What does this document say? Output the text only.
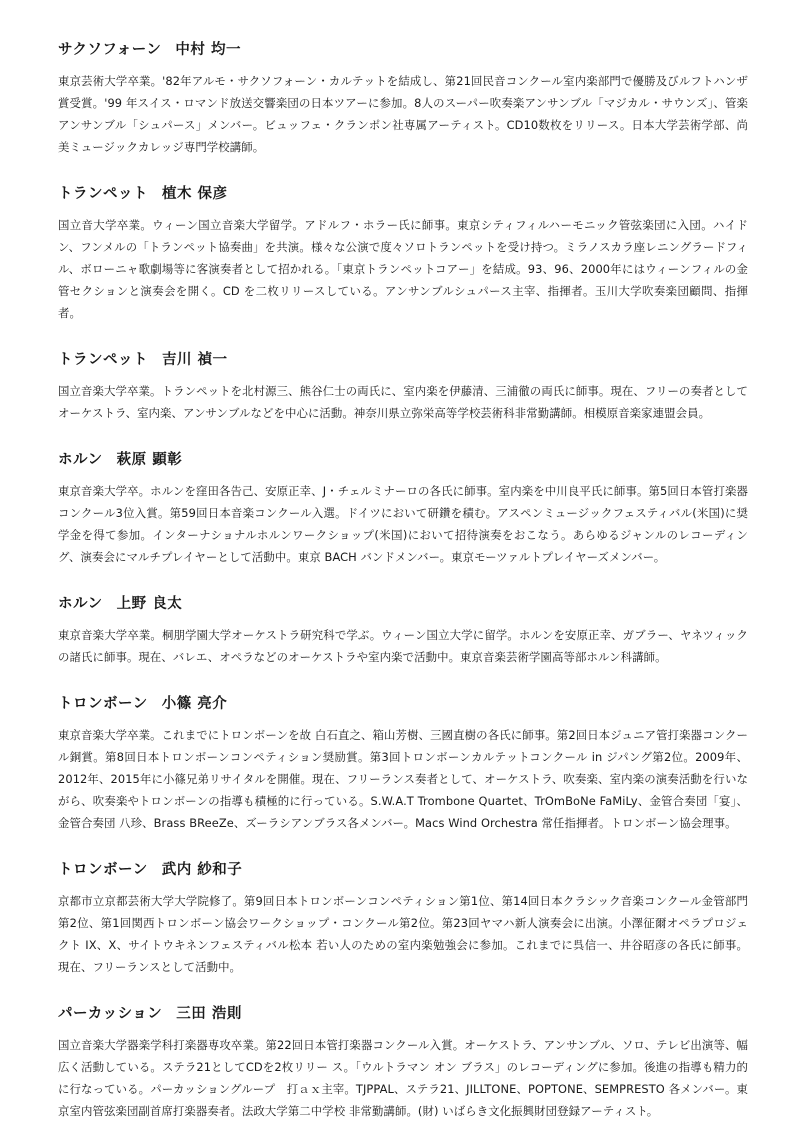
サクソフォーン 中村 均一

東京芸術大学卒業。'82年アルモ・サクソフォーン・カルテットを結成し、第21回民音コンクール室内楽部門で優勝及びルフトハンザ賞受賞。'99 年スイス・ロマンド放送交響楽団の日本ツアーに参加。8人のスーパー吹奏楽アンサンブル「マジカル・サウンズ」、管楽アンサンブル「シュパース」メンバー。ビュッフェ・クランポン社専属アーティスト。CD10数枚をリリース。日本大学芸術学部、尚美ミュージックカレッジ専門学校講師。

トランペット 植木 保彦

国立音大学卒業。ウィーン国立音楽大学留学。アドルフ・ホラー氏に師事。東京シティフィルハーモニック管弦楽団に入団。ハイドン、フンメルの「トランペット協奏曲」を共演。様々な公演で度々ソロトランペットを受け持つ。ミラノスカラ座レニングラードフィル、ボローニャ歌劇場等に客演奏者として招かれる。「東京トランペットコアー」を結成。93、96、2000年にはウィーンフィルの金管セクションと演奏会を開く。CD を二枚リリースしている。アンサンブルシュパース主宰、指揮者。玉川大学吹奏楽団顧問、指揮者。

トランペット 吉川 禎一

国立音楽大学卒業。トランペットを北村源三、熊谷仁士の両氏に、室内楽を伊藤清、三浦徹の両氏に師事。現在、フリーの奏者としてオーケストラ、室内楽、アンサンブルなどを中心に活動。神奈川県立弥栄高等学校芸術科非常勤講師。相模原音楽家連盟会員。

ホルン 萩原 顕彰

東京音楽大学卒。ホルンを窪田各告己、安原正幸、J・チェルミナーロの各氏に師事。室内楽を中川良平氏に師事。第5回日本管打楽器コンクール3位入賞。第59回日本音楽コンクール入選。ドイツにおいて研鑽を積む。アスペンミュージックフェスティバル(米国)に奨学金を得て参加。インターナショナルホルンワークショップ(米国)において招待演奏をおこなう。あらゆるジャンルのレコーディング、演奏会にマルチプレイヤーとして活動中。東京 BACH バンドメンバー。東京モーツァルトプレイヤーズメンバー。

ホルン 上野 良太

東京音楽大学卒業。桐朋学園大学オーケストラ研究科で学ぶ。ウィーン国立大学に留学。ホルンを安原正幸、ガブラー、ヤネツィックの諸氏に師事。現在、バレエ、オペラなどのオーケストラや室内楽で活動中。東京音楽芸術学園高等部ホルン科講師。

トロンボーン 小篠 亮介

東京音楽大学卒業。これまでにトロンボーンを故 白石直之、箱山芳樹、三國直樹の各氏に師事。第2回日本ジュニア管打楽器コンクール銅賞。第8回日本トロンボーンコンペティション奨励賞。第3回トロンボーンカルテットコンクール in ジパング第2位。2009年、2012年、2015年に小篠兄弟リサイタルを開催。現在、フリーランス奏者として、オーケストラ、吹奏楽、室内楽の演奏活動を行いながら、吹奏楽やトロンボーンの指導も積極的に行っている。S.W.A.T Trombone Quartet、TrOmBoNe FaMiLy、金管合奏団「宴」、金管合奏団 八珍、Brass BReeZe、ズーラシアンブラス各メンバー。Macs Wind Orchestra 常任指揮者。トロンボーン協会理事。

トロンボーン 武内 紗和子

京都市立京都芸術大学大学院修了。第9回日本トロンボーンコンペティション第1位、第14回日本クラシック音楽コンクール金管部門第2位、第1回関西トロンボーン協会ワークショップ・コンクール第2位。第23回ヤマハ新人演奏会に出演。小澤征爾オペラプロジェクト IX、X、サイトウキネンフェスティバル松本 若い人のための室内楽勉強会に参加。これまでに呉信一、井谷昭彦の各氏に師事。現在、フリーランスとして活動中。

パーカッション 三田 浩則

国立音楽大学器楽学科打楽器専攻卒業。第22回日本管打楽器コンクール入賞。オーケストラ、アンサンブル、ソロ、テレビ出演等、幅広く活動している。ステラ21としてCDを2枚リリー ス。「ウルトラマン オン ブラス」のレコーディングに参加。後進の指導も精力的に行なっている。パーカッショングループ　打ａｘ主宰。TJPPAL、ステラ21、JILLTONE、POPTONE、SEMPRESTO 各メンバー。東京室内管弦楽団副首席打楽器奏者。法政大学第二中学校 非常勤講師。(財) いばらき文化振興財団登録アーティスト。
